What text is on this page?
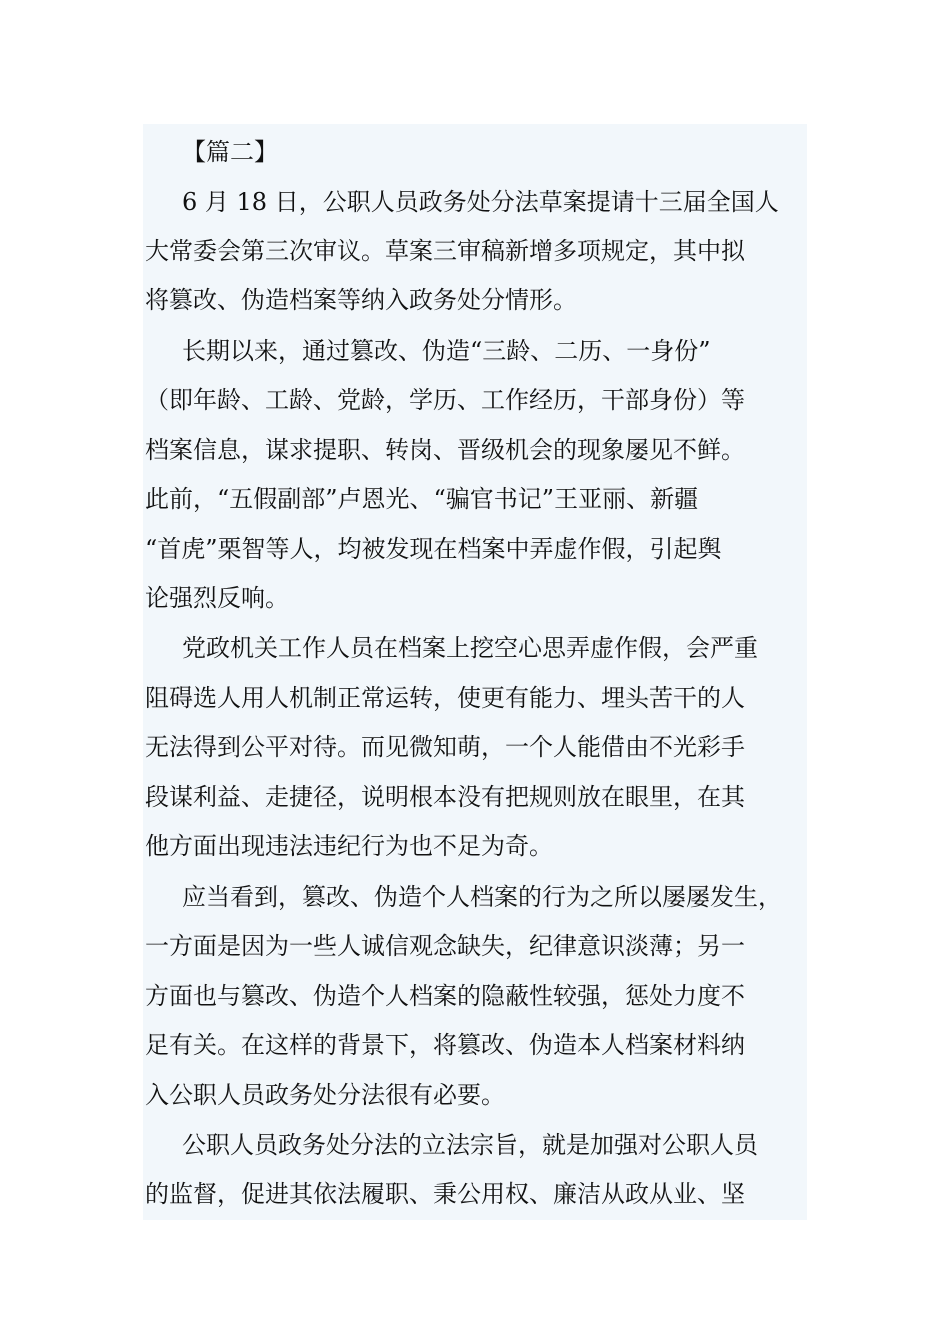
【篇二】
6 月 18 日，公职人员政务处分法草案提请十三届全国人
大常委会第三次审议。草案三审稿新增多项规定，其中拟
将篡改、伪造档案等纳入政务处分情形。
长期以来，通过篡改、伪造“三龄、二历、一身份”
（即年龄、工龄、党龄，学历、工作经历，干部身份）等
档案信息，谋求提职、转岗、晋级机会的现象屡见不鲜。
此前，“五假副部”卢恩光、“骗官书记”王亚丽、新疆
“首虎”栗智等人，均被发现在档案中弄虚作假，引起舆
论强烈反响。
党政机关工作人员在档案上挖空心思弄虚作假，会严重
阻碍选人用人机制正常运转，使更有能力、埋头苦干的人
无法得到公平对待。而见微知萌，一个人能借由不光彩手
段谋利益、走捷径，说明根本没有把规则放在眼里，在其
他方面出现违法违纪行为也不足为奇。
应当看到，篡改、伪造个人档案的行为之所以屡屡发生，
一方面是因为一些人诚信观念缺失，纪律意识淡薄；另一
方面也与篡改、伪造个人档案的隐蔽性较强，惩处力度不
足有关。在这样的背景下，将篡改、伪造本人档案材料纳
入公职人员政务处分法很有必要。
公职人员政务处分法的立法宗旨，就是加强对公职人员
的监督，促进其依法履职、秉公用权、廉洁从政从业、坚
